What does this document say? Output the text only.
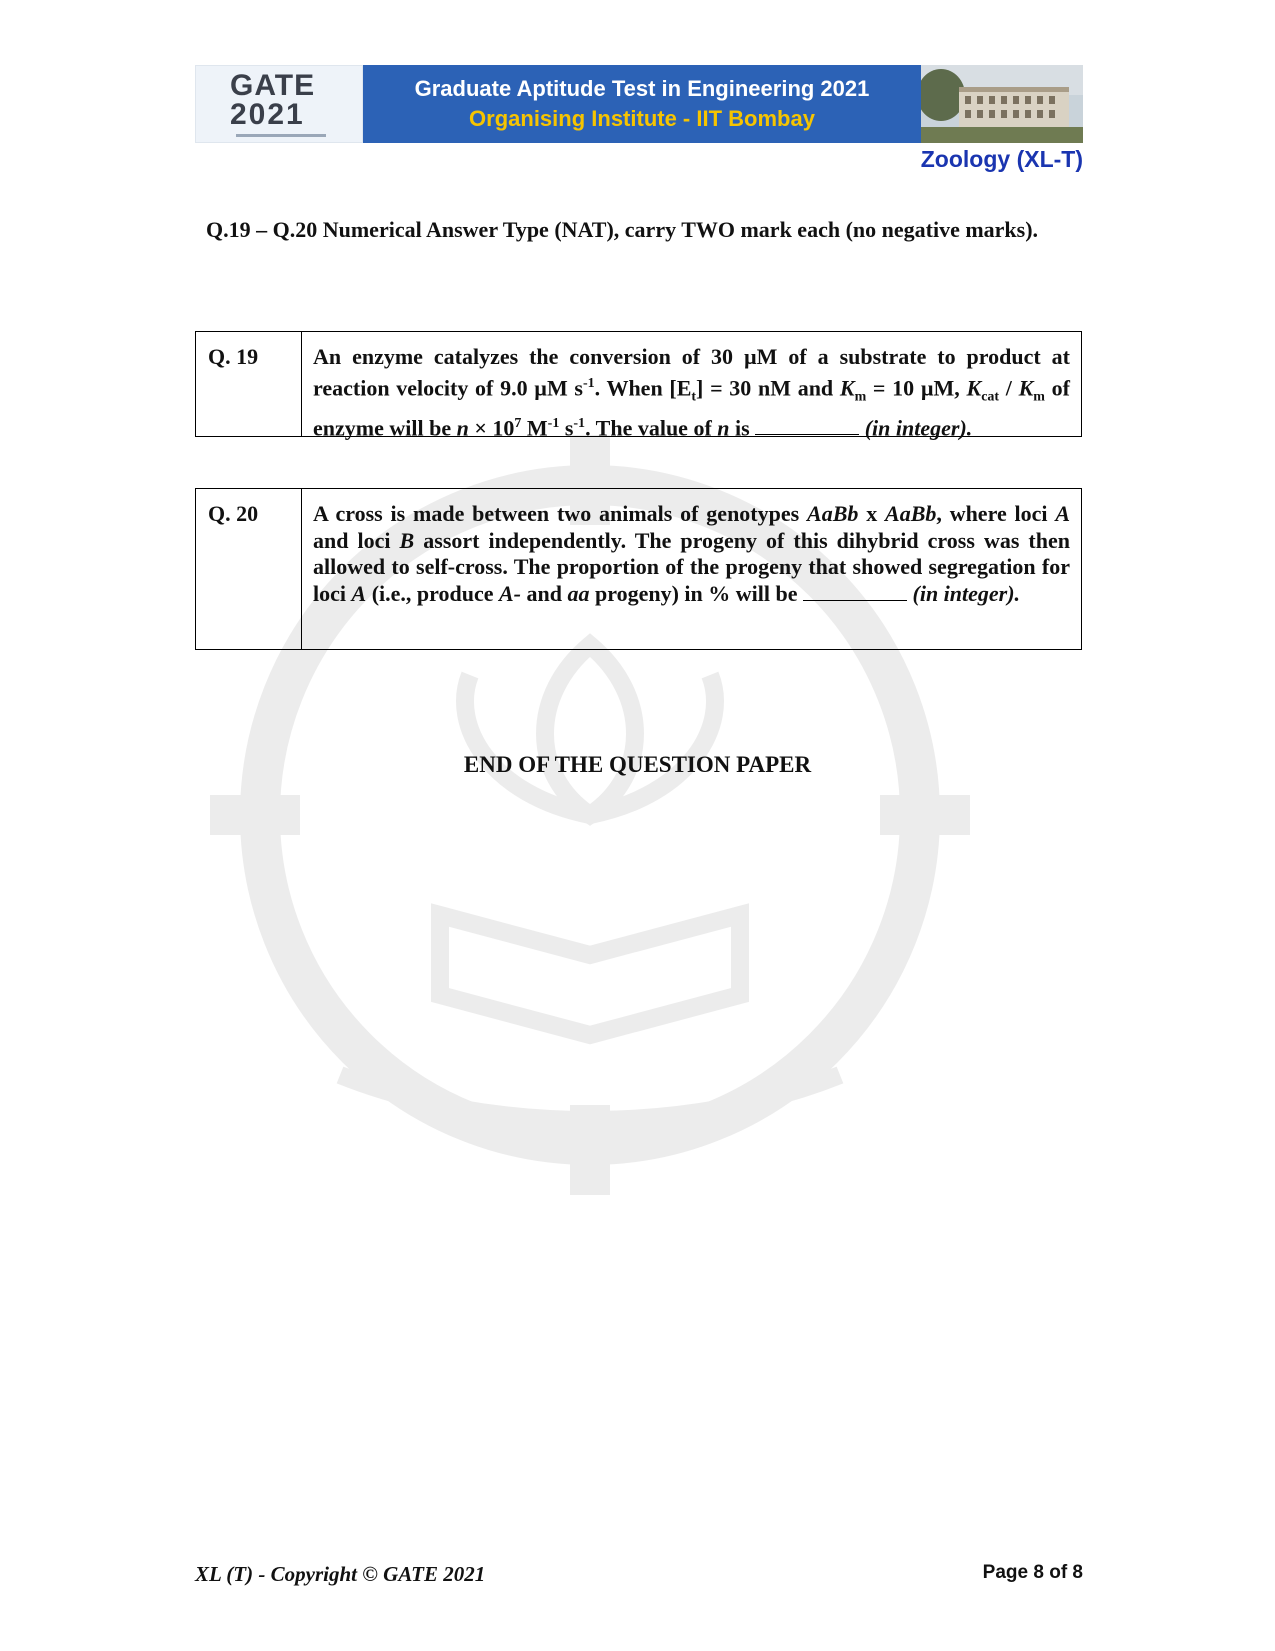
GATE
2021
Graduate Aptitude Test in Engineering 2021
Organising Institute - IIT Bombay
Zoology (XL-T)
Q.19 – Q.20 Numerical Answer Type (NAT), carry TWO mark each (no negative marks).
Q. 19	An enzyme catalyzes the conversion of 30 µM of a substrate to product at reaction velocity of 9.0 µM $s^{-1}$. When $[E_t] = 30$ nM and $K_m = 10$ µM, $K_{cat} / K_m$ of enzyme will be $n \times 10^7$ $M^{-1}$ $s^{-1}$. The value of n is	(in integer).
Q. 20	A cross is made between two animals of genotypes AaBb x AaBb, where loci A and loci B assort independently. The progeny of this dihybrid cross was then allowed to self-cross. The proportion of the progeny that showed segregation for loci A (i.e., produce A- and aa progeny) in % will be	(in integer).
END OF THE QUESTION PAPER
XL (T) - Copyright © GATE 2021	Page 8 of 8
